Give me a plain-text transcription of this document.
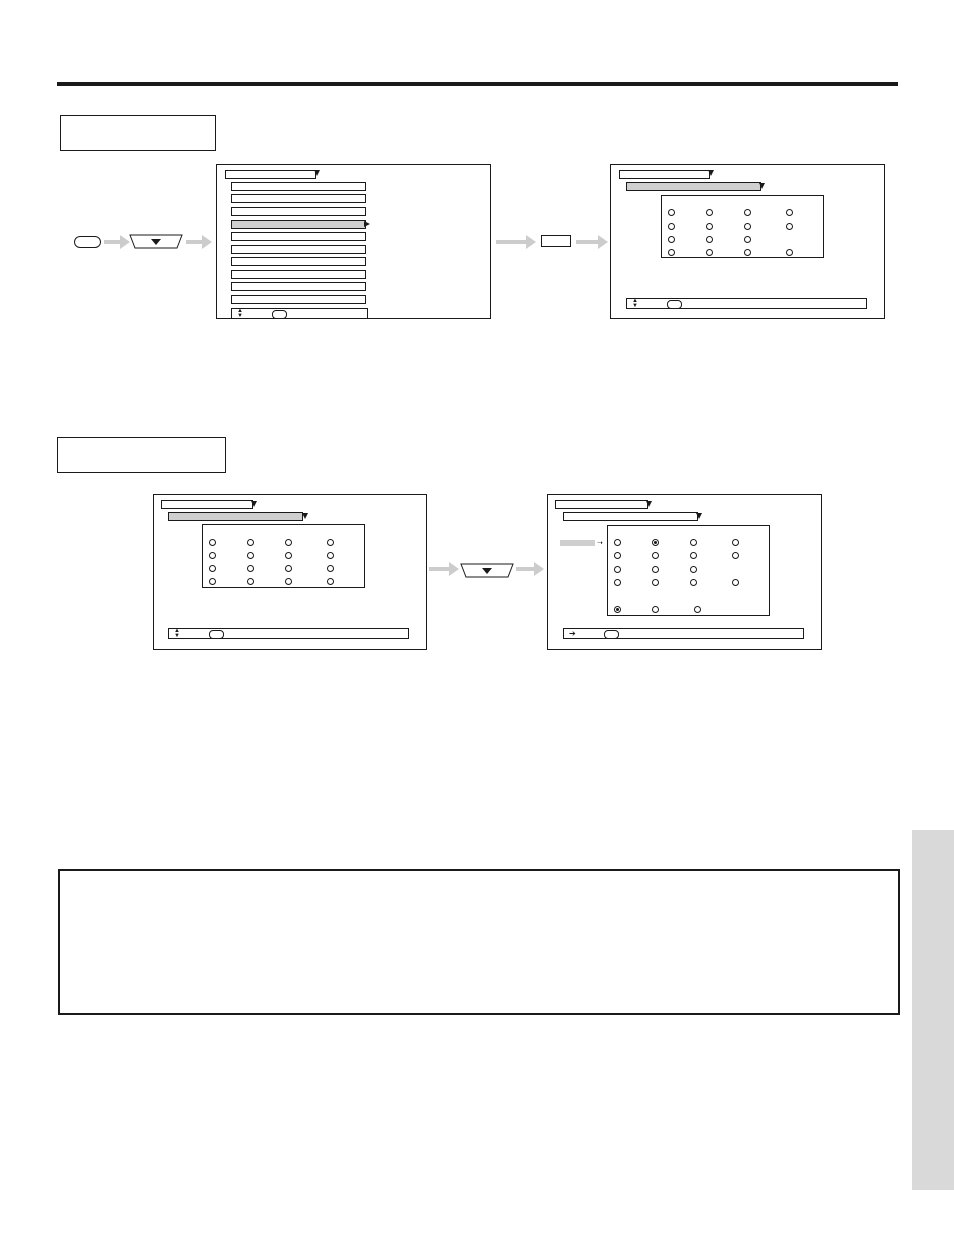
▲
▼
▲
▼
▲
▼
➝
➔
